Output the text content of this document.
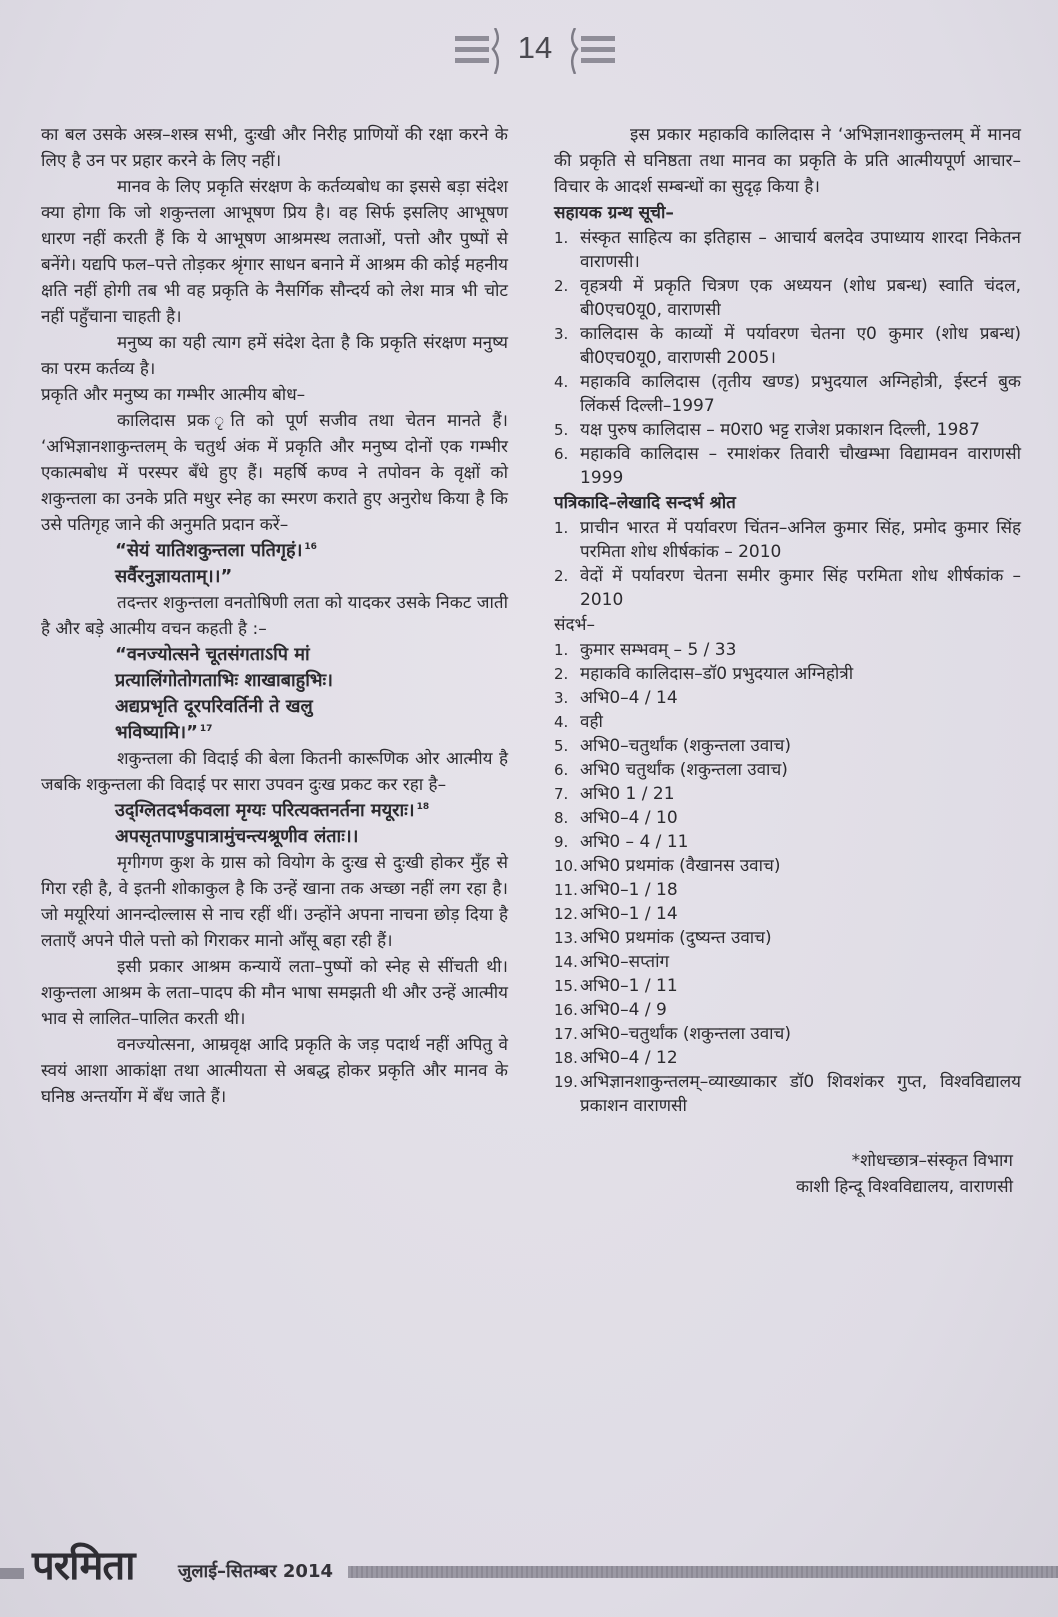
14

का बल उसके अस्त्र–शस्त्र सभी, दुःखी और निरीह प्राणियों की रक्षा करने के लिए है उन पर प्रहार करने के लिए नहीं।

मानव के लिए प्रकृति संरक्षण के कर्तव्यबोध का इससे बड़ा संदेश क्या होगा कि जो शकुन्तला आभूषण प्रिय है। वह सिर्फ इसलिए आभूषण धारण नहीं करती हैं कि ये आभूषण आश्रमस्थ लताओं, पत्तो और पुष्पों से बनेंगे। यद्यपि फल–पत्ते तोड़कर श्रृंगार साधन बनाने में आश्रम की कोई महनीय क्षति नहीं होगी तब भी वह प्रकृति के नैसर्गिक सौन्दर्य को लेश मात्र भी चोट नहीं पहुँचाना चाहती है।

मनुष्य का यही त्याग हमें संदेश देता है कि प्रकृति संरक्षण मनुष्य का परम कर्तव्य है।

प्रकृति और मनुष्य का गम्भीर आत्मीय बोध–

कालिदास प्रक ृति को पूर्ण सजीव तथा चेतन मानते हैं। ‘अभिज्ञानशाकुन्तलम् के चतुर्थ अंक में प्रकृति और मनुष्य दोनों एक गम्भीर एकात्मबोध में परस्पर बँधे हुए हैं। महर्षि कण्व ने तपोवन के वृक्षों को शकुन्तला का उनके प्रति मधुर स्नेह का स्मरण कराते हुए अनुरोध किया है कि उसे पतिगृह जाने की अनुमति प्रदान करें–

“सेयं यातिशकुन्तला पतिगृहं। $^{16}$
सर्वैरनुज्ञायताम्।।”

तदन्तर शकुन्तला वनतोषिणी लता को यादकर उसके निकट जाती है और बड़े आत्मीय वचन कहती है :–

“वनज्योत्सने चूतसंगताऽपि मां
प्रत्यालिंगोतोगताभिः शाखाबाहुभिः।
अद्यप्रभृति दूरपरिवर्तिनी ते खलु
भविष्यामि।” $^{17}$

शकुन्तला की विदाई की बेला कितनी कारूणिक ओर आत्मीय है जबकि शकुन्तला की विदाई पर सारा उपवन दुःख प्रकट कर रहा है–

उद्ग्लितदर्भकवला मृग्यः परित्यक्तनर्तना मयूराः। $^{18}$
अपसृतपाण्डुपात्रामुंचन्त्यश्रूणीव लंताः।।

मृगीगण कुश के ग्रास को वियोग के दुःख से दुःखी होकर मुँह से गिरा रही है, वे इतनी शोकाकुल है कि उन्हें खाना तक अच्छा नहीं लग रहा है। जो मयूरियां आनन्दोल्लास से नाच रहीं थीं। उन्होंने अपना नाचना छोड़ दिया है लताएँ अपने पीले पत्तो को गिराकर मानो आँसू बहा रही हैं।

इसी प्रकार आश्रम कन्यायें लता–पुष्पों को स्नेह से सींचती थी। शकुन्तला आश्रम के लता–पादप की मौन भाषा समझती थी और उन्हें आत्मीय भाव से लालित–पालित करती थी।

वनज्योत्सना, आम्रवृक्ष आदि प्रकृति के जड़ पदार्थ नहीं अपितु वे स्वयं आशा आकांक्षा तथा आत्मीयता से अबद्ध होकर प्रकृति और मानव के घनिष्ठ अन्तर्योग में बँध जाते हैं।

इस प्रकार महाकवि कालिदास ने ‘अभिज्ञानशाकुन्तलम् में मानव की प्रकृति से घनिष्ठता तथा मानव का प्रकृति के प्रति आत्मीयपूर्ण आचार–विचार के आदर्श सम्बन्धों का सुदृढ़ किया है।

सहायक ग्रन्थ सूची–

1. संस्कृत साहित्य का इतिहास – आचार्य बलदेव उपाध्याय शारदा निकेतन वाराणसी।
2. वृहत्रयी में प्रकृति चित्रण एक अध्ययन (शोध प्रबन्ध) स्वाति चंदल, बी0एच0यू0, वाराणसी
3. कालिदास के काव्यों में पर्यावरण चेतना ए0 कुमार (शोध प्रबन्ध) बी0एच0यू0, वाराणसी 2005।
4. महाकवि कालिदास (तृतीय खण्ड) प्रभुदयाल अग्निहोत्री, ईस्टर्न बुक लिंकर्स दिल्ली–1997
5. यक्ष पुरुष कालिदास – म0रा0 भट्ट राजेश प्रकाशन दिल्ली, 1987
6. महाकवि कालिदास – रमाशंकर तिवारी चौखम्भा विद्यामवन वाराणसी 1999

पत्रिकादि–लेखादि सन्दर्भ श्रोत

1. प्राचीन भारत में पर्यावरण चिंतन–अनिल कुमार सिंह, प्रमोद कुमार सिंह परमिता शोध शीर्षकांक – 2010
2. वेदों में पर्यावरण चेतना समीर कुमार सिंह परमिता शोध शीर्षकांक – 2010

संदर्भ–

1. कुमार सम्भवम् – 5 / 33
2. महाकवि कालिदास–डॉ0 प्रभुदयाल अग्निहोत्री
3. अभि0–4 / 14
4. वही
5. अभि0–चतुर्थांक (शकुन्तला उवाच)
6. अभि0 चतुर्थांक (शकुन्तला उवाच)
7. अभि0 1 / 21
8. अभि0–4 / 10
9. अभि0 – 4 / 11
10. अभि0 प्रथमांक (वैखानस उवाच)
11. अभि0–1 / 18
12. अभि0–1 / 14
13. अभि0 प्रथमांक (दुष्यन्त उवाच)
14. अभि0–सप्तांग
15. अभि0–1 / 11
16. अभि0–4 / 9
17. अभि0–चतुर्थांक (शकुन्तला उवाच)
18. अभि0–4 / 12
19. अभिज्ञानशाकुन्तलम्–व्याख्याकार डॉ0 शिवशंकर गुप्त, विश्वविद्यालय प्रकाशन वाराणसी
*शोधच्छात्र–संस्कृत विभाग
काशी हिन्दू विश्वविद्यालय, वाराणसी
परमिता जुलाई–सितम्बर 2014
